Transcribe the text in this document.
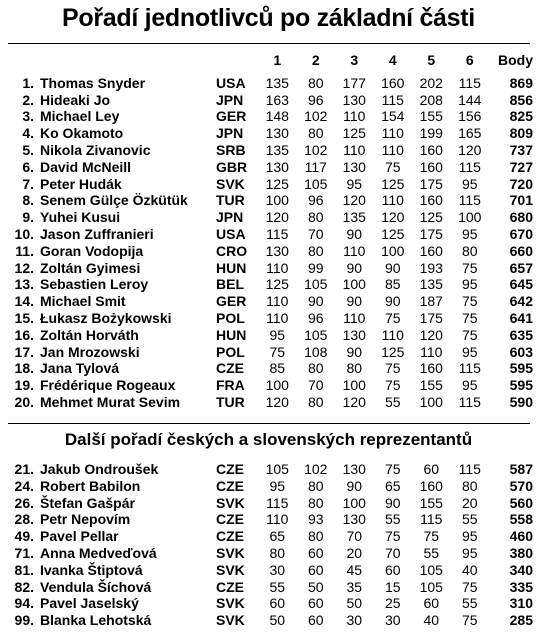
Pořadí jednotlivců po základní části
			1	2	3	4	5	6	Body

1.	Thomas Snyder	USA	135	80	177	160	202	115	869
2.	Hideaki Jo	JPN	163	96	130	115	208	144	856
3.	Michael Ley	GER	148	102	110	154	155	156	825
4.	Ko Okamoto	JPN	130	80	125	110	199	165	809
5.	Nikola Zivanovic	SRB	135	102	110	110	160	120	737
6.	David McNeill	GBR	130	117	130	75	160	115	727
7.	Peter Hudák	SVK	125	105	95	125	175	95	720
8.	Senem Gülçe Özkütük	TUR	100	96	120	110	160	115	701
9.	Yuhei Kusui	JPN	120	80	135	120	125	100	680
10.	Jason Zuffranieri	USA	115	70	90	125	175	95	670
11.	Goran Vodopija	CRO	130	80	110	100	160	80	660
12.	Zoltán Gyimesi	HUN	110	99	90	90	193	75	657
13.	Sebastien Leroy	BEL	125	105	100	85	135	95	645
14.	Michael Smit	GER	110	90	90	90	187	75	642
15.	Łukasz Bożykowski	POL	110	96	110	75	175	75	641
16.	Zoltán Horváth	HUN	95	105	130	110	120	75	635
17.	Jan Mrozowski	POL	75	108	90	125	110	95	603
18.	Jana Tylová	CZE	85	80	80	75	160	115	595
19.	Frédérique Rogeaux	FRA	100	70	100	75	155	95	595
20.	Mehmet Murat Sevim	TUR	120	80	120	55	100	115	590
Další pořadí českých a slovenských reprezentantů
21.	Jakub Ondroušek	CZE	105	102	130	75	60	115	587
24.	Robert Babilon	CZE	95	80	90	65	160	80	570
26.	Štefan Gašpár	SVK	115	80	100	90	155	20	560
28.	Petr Nepovím	CZE	110	93	130	55	115	55	558
49.	Pavel Pellar	CZE	65	80	70	75	75	95	460
71.	Anna Medveďová	SVK	80	60	20	70	55	95	380
81.	Ivanka Štiptová	SVK	30	60	45	60	105	40	340
82.	Vendula Šíchová	CZE	55	50	35	15	105	75	335
94.	Pavel Jaselský	SVK	60	60	50	25	60	55	310
99.	Blanka Lehotská	SVK	50	60	30	30	40	75	285
